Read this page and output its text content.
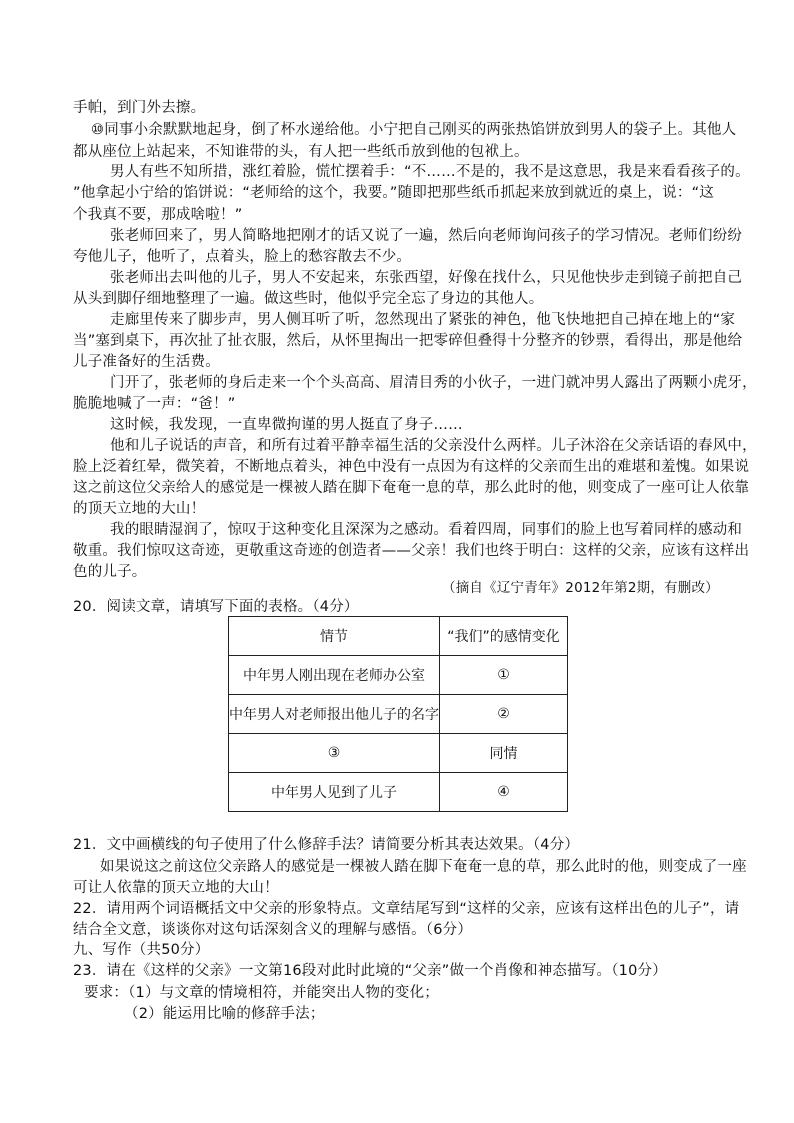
手帕，到门外去擦。
⑩同事小余默默地起身，倒了杯水递给他。小宁把自己刚买的两张热馅饼放到男人的袋子上。其他人
都从座位上站起来，不知谁带的头，有人把一些纸币放到他的包袱上。
男人有些不知所措，涨红着脸，慌忙摆着手：“不……不是的，我不是这意思，我是来看看孩子的。
”他拿起小宁给的馅饼说：“老师给的这个，我要。”随即把那些纸币抓起来放到就近的桌上，说：“这
个我真不要，那成啥啦！”
张老师回来了，男人简略地把刚才的话又说了一遍，然后向老师询问孩子的学习情况。老师们纷纷
夸他儿子，他听了，点着头，脸上的愁容散去不少。
张老师出去叫他的儿子，男人不安起来，东张西望，好像在找什么，只见他快步走到镜子前把自己
从头到脚仔细地整理了一遍。做这些时，他似乎完全忘了身边的其他人。
走廊里传来了脚步声，男人侧耳听了听，忽然现出了紧张的神色，他飞快地把自己掉在地上的“家
当”塞到桌下，再次扯了扯衣服，然后，从怀里掏出一把零碎但叠得十分整齐的钞票，看得出，那是他给
儿子准备好的生活费。
门开了，张老师的身后走来一个个头高高、眉清目秀的小伙子，一进门就冲男人露出了两颗小虎牙，
脆脆地喊了一声：“爸！”
这时候，我发现，一直卑微拘谨的男人挺直了身子……
他和儿子说话的声音，和所有过着平静幸福生活的父亲没什么两样。儿子沐浴在父亲话语的春风中，
脸上泛着红晕，微笑着，不断地点着头，神色中没有一点因为有这样的父亲而生出的难堪和羞愧。如果说
这之前这位父亲给人的感觉是一棵被人踏在脚下奄奄一息的草，那么此时的他，则变成了一座可让人依靠
的顶天立地的大山！
我的眼睛湿润了，惊叹于这种变化且深深为之感动。看着四周，同事们的脸上也写着同样的感动和
敬重。我们惊叹这奇迹，更敬重这奇迹的创造者——父亲！我们也终于明白：这样的父亲，应该有这样出
色的儿子。
（摘自《辽宁青年》2012年第2期，有删改）
20．阅读文章，请填写下面的表格。（4分）
情节	“我们”的感情变化
中年男人刚出现在老师办公室	①
中年男人对老师报出他儿子的名字	②
③	同情
中年男人见到了儿子	④
21．文中画横线的句子使用了什么修辞手法？请简要分析其表达效果。（4分）
如果说这之前这位父亲路人的感觉是一棵被人踏在脚下奄奄一息的草，那么此时的他，则变成了一座
可让人依靠的顶天立地的大山！
22．请用两个词语概括文中父亲的形象特点。文章结尾写到“这样的父亲，应该有这样出色的儿子”，请
结合全文意，谈谈你对这句话深刻含义的理解与感悟。（6分）
九、写作（共50分）
23．请在《这样的父亲》一文第16段对此时此境的“父亲”做一个肖像和神态描写。（10分）
要求：（1）与文章的情境相符，并能突出人物的变化；
（2）能运用比喻的修辞手法；
